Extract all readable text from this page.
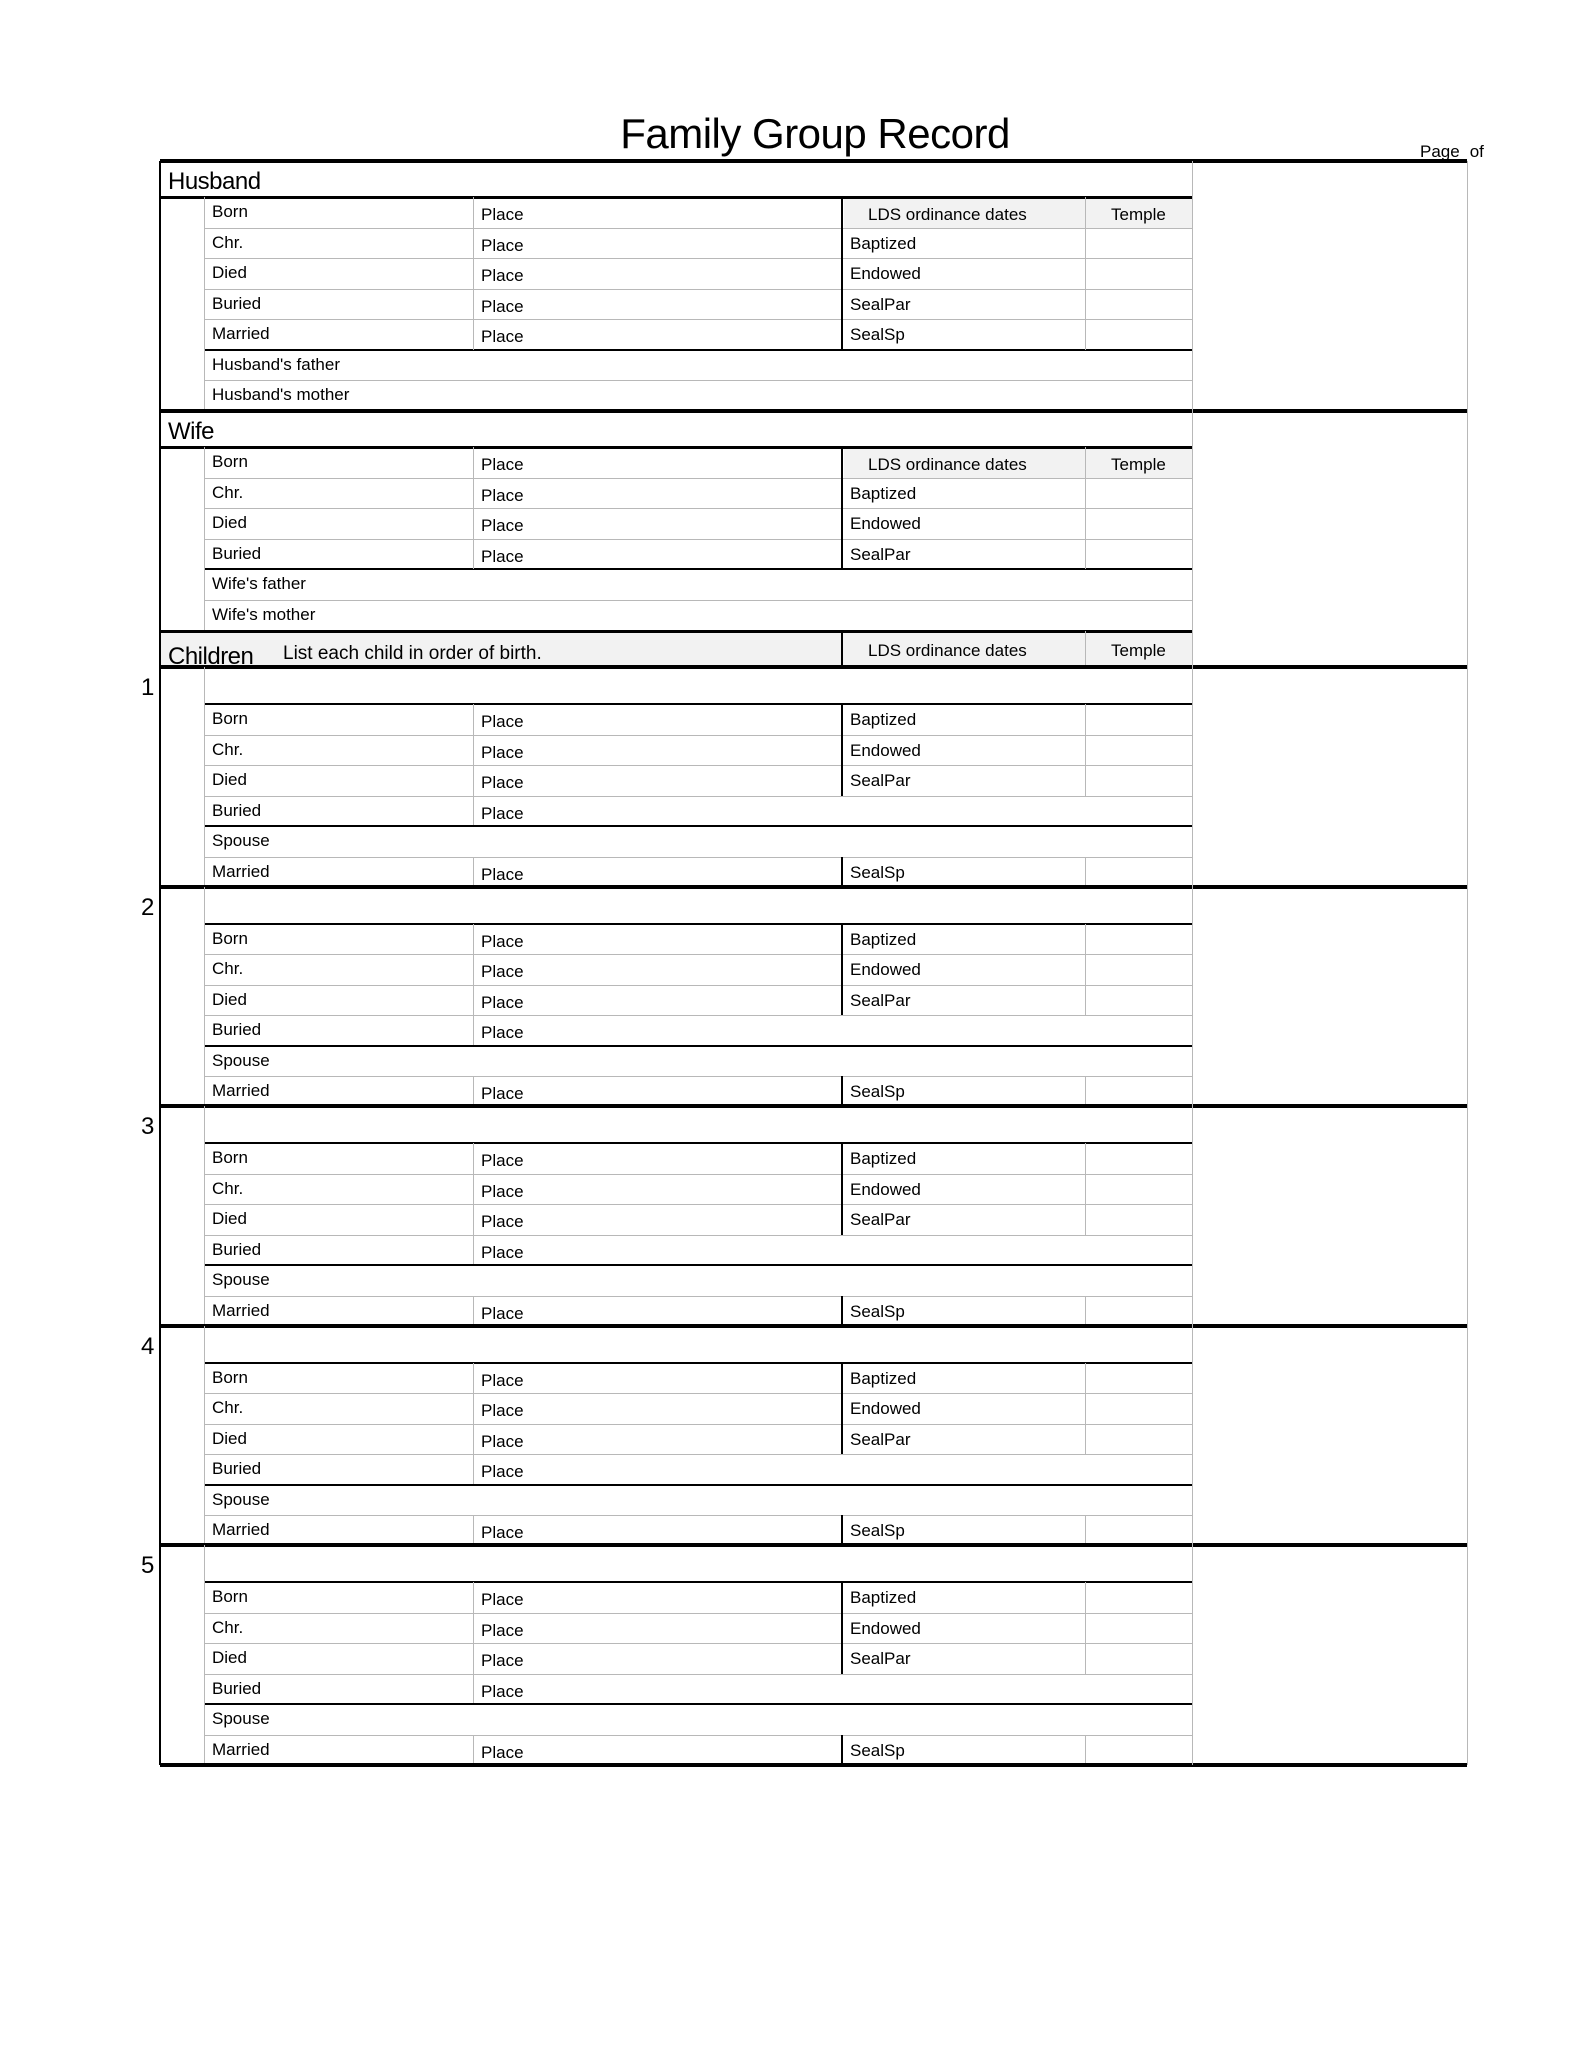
Family Group Record	Page of
Husband
Born	Place	LDS ordinance dates	Temple
Chr.	Place	Baptized
Died	Place	Endowed
Buried	Place	SealPar
Married	Place	SealSp
Husband's father
Husband's mother
Wife
Born	Place	LDS ordinance dates	Temple
Chr.	Place	Baptized
Died	Place	Endowed
Buried	Place	SealPar
Wife's father
Wife's mother
Children List each child in order of birth.	LDS ordinance dates	Temple
1
Born	Place	Baptized
Chr.	Place	Endowed
Died	Place	SealPar
Buried	Place
Spouse
Married	Place	SealSp
2
Born	Place	Baptized
Chr.	Place	Endowed
Died	Place	SealPar
Buried	Place
Spouse
Married	Place	SealSp
3
Born	Place	Baptized
Chr.	Place	Endowed
Died	Place	SealPar
Buried	Place
Spouse
Married	Place	SealSp
4
Born	Place	Baptized
Chr.	Place	Endowed
Died	Place	SealPar
Buried	Place
Spouse
Married	Place	SealSp
5
Born	Place	Baptized
Chr.	Place	Endowed
Died	Place	SealPar
Buried	Place
Spouse
Married	Place	SealSp
